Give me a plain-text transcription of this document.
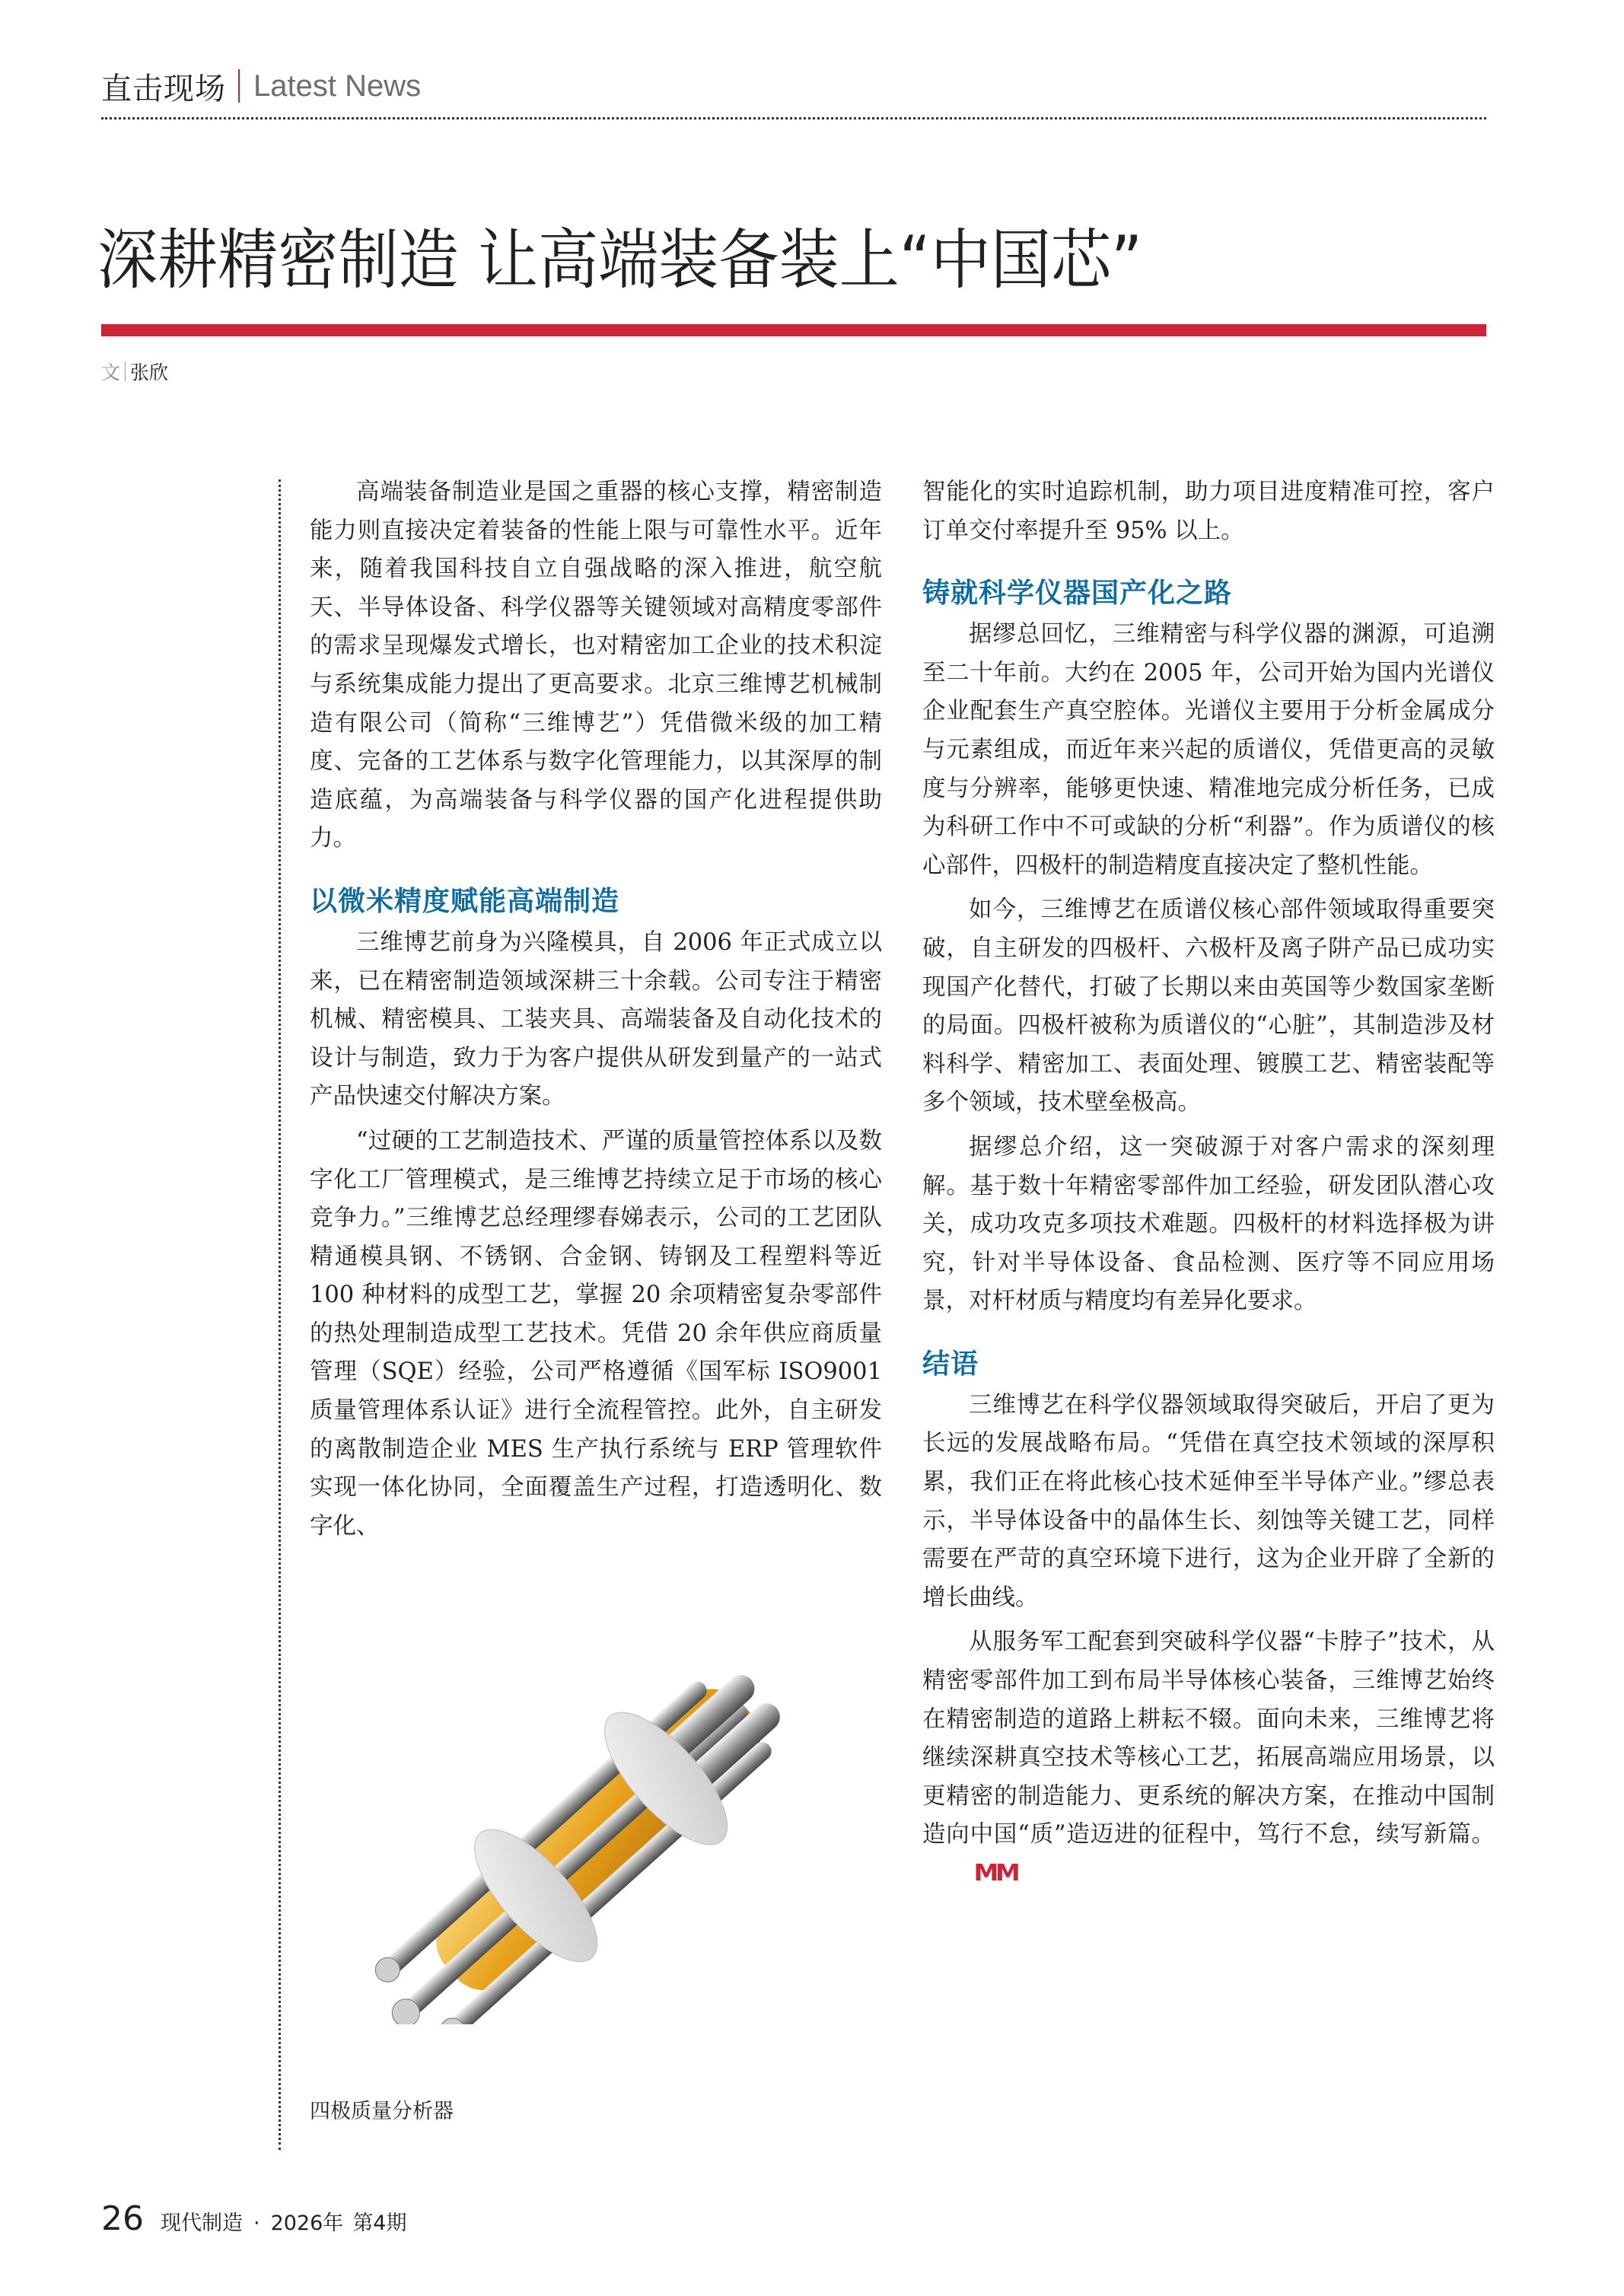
直击现场 Latest News
深耕精密制造 让高端装备装上“中国芯”
文 张欣

高端装备制造业是国之重器的核心支撑，精密制造能力则直接决定着装备的性能上限与可靠性水平。近年来，随着我国科技自立自强战略的深入推进，航空航天、半导体设备、科学仪器等关键领域对高精度零部件的需求呈现爆发式增长，也对精密加工企业的技术积淀与系统集成能力提出了更高要求。北京三维博艺机械制造有限公司（简称“三维博艺”）凭借微米级的加工精度、完备的工艺体系与数字化管理能力，以其深厚的制造底蕴，为高端装备与科学仪器的国产化进程提供助力。

以微米精度赋能高端制造

三维博艺前身为兴隆模具，自 2006 年正式成立以来，已在精密制造领域深耕三十余载。公司专注于精密机械、精密模具、工装夹具、高端装备及自动化技术的设计与制造，致力于为客户提供从研发到量产的一站式产品快速交付解决方案。

“过硬的工艺制造技术、严谨的质量管控体系以及数字化工厂管理模式，是三维博艺持续立足于市场的核心竞争力。”三维博艺总经理缪春娣表示，公司的工艺团队精通模具钢、不锈钢、合金钢、铸钢及工程塑料等近 100 种材料的成型工艺，掌握 20 余项精密复杂零部件的热处理制造成型工艺技术。凭借 20 余年供应商质量管理（SQE）经验，公司严格遵循《国军标 ISO9001 质量管理体系认证》进行全流程管控。此外，自主研发的离散制造企业 MES 生产执行系统与 ERP 管理软件实现一体化协同，全面覆盖生产过程，打造透明化、数字化、

四极质量分析器

智能化的实时追踪机制，助力项目进度精准可控，客户订单交付率提升至 95% 以上。

铸就科学仪器国产化之路

据缪总回忆，三维精密与科学仪器的渊源，可追溯至二十年前。大约在 2005 年，公司开始为国内光谱仪企业配套生产真空腔体。光谱仪主要用于分析金属成分与元素组成，而近年来兴起的质谱仪，凭借更高的灵敏度与分辨率，能够更快速、精准地完成分析任务，已成为科研工作中不可或缺的分析“利器”。作为质谱仪的核心部件，四极杆的制造精度直接决定了整机性能。

如今，三维博艺在质谱仪核心部件领域取得重要突破，自主研发的四极杆、六极杆及离子阱产品已成功实现国产化替代，打破了长期以来由英国等少数国家垄断的局面。四极杆被称为质谱仪的“心脏”，其制造涉及材料科学、精密加工、表面处理、镀膜工艺、精密装配等多个领域，技术壁垒极高。

据缪总介绍，这一突破源于对客户需求的深刻理解。基于数十年精密零部件加工经验，研发团队潜心攻关，成功攻克多项技术难题。四极杆的材料选择极为讲究，针对半导体设备、食品检测、医疗等不同应用场景，对杆材质与精度均有差异化要求。

结语

三维博艺在科学仪器领域取得突破后，开启了更为长远的发展战略布局。“凭借在真空技术领域的深厚积累，我们正在将此核心技术延伸至半导体产业。”缪总表示，半导体设备中的晶体生长、刻蚀等关键工艺，同样需要在严苛的真空环境下进行，这为企业开辟了全新的增长曲线。

从服务军工配套到突破科学仪器“卡脖子”技术，从精密零部件加工到布局半导体核心装备，三维博艺始终在精密制造的道路上耕耘不辍。面向未来，三维博艺将继续深耕真空技术等核心工艺，拓展高端应用场景，以更精密的制造能力、更系统的解决方案，在推动中国制造向中国“质”造迈进的征程中，笃行不怠，续写新篇。MM

26 现代制造 · 2026年 第4期
